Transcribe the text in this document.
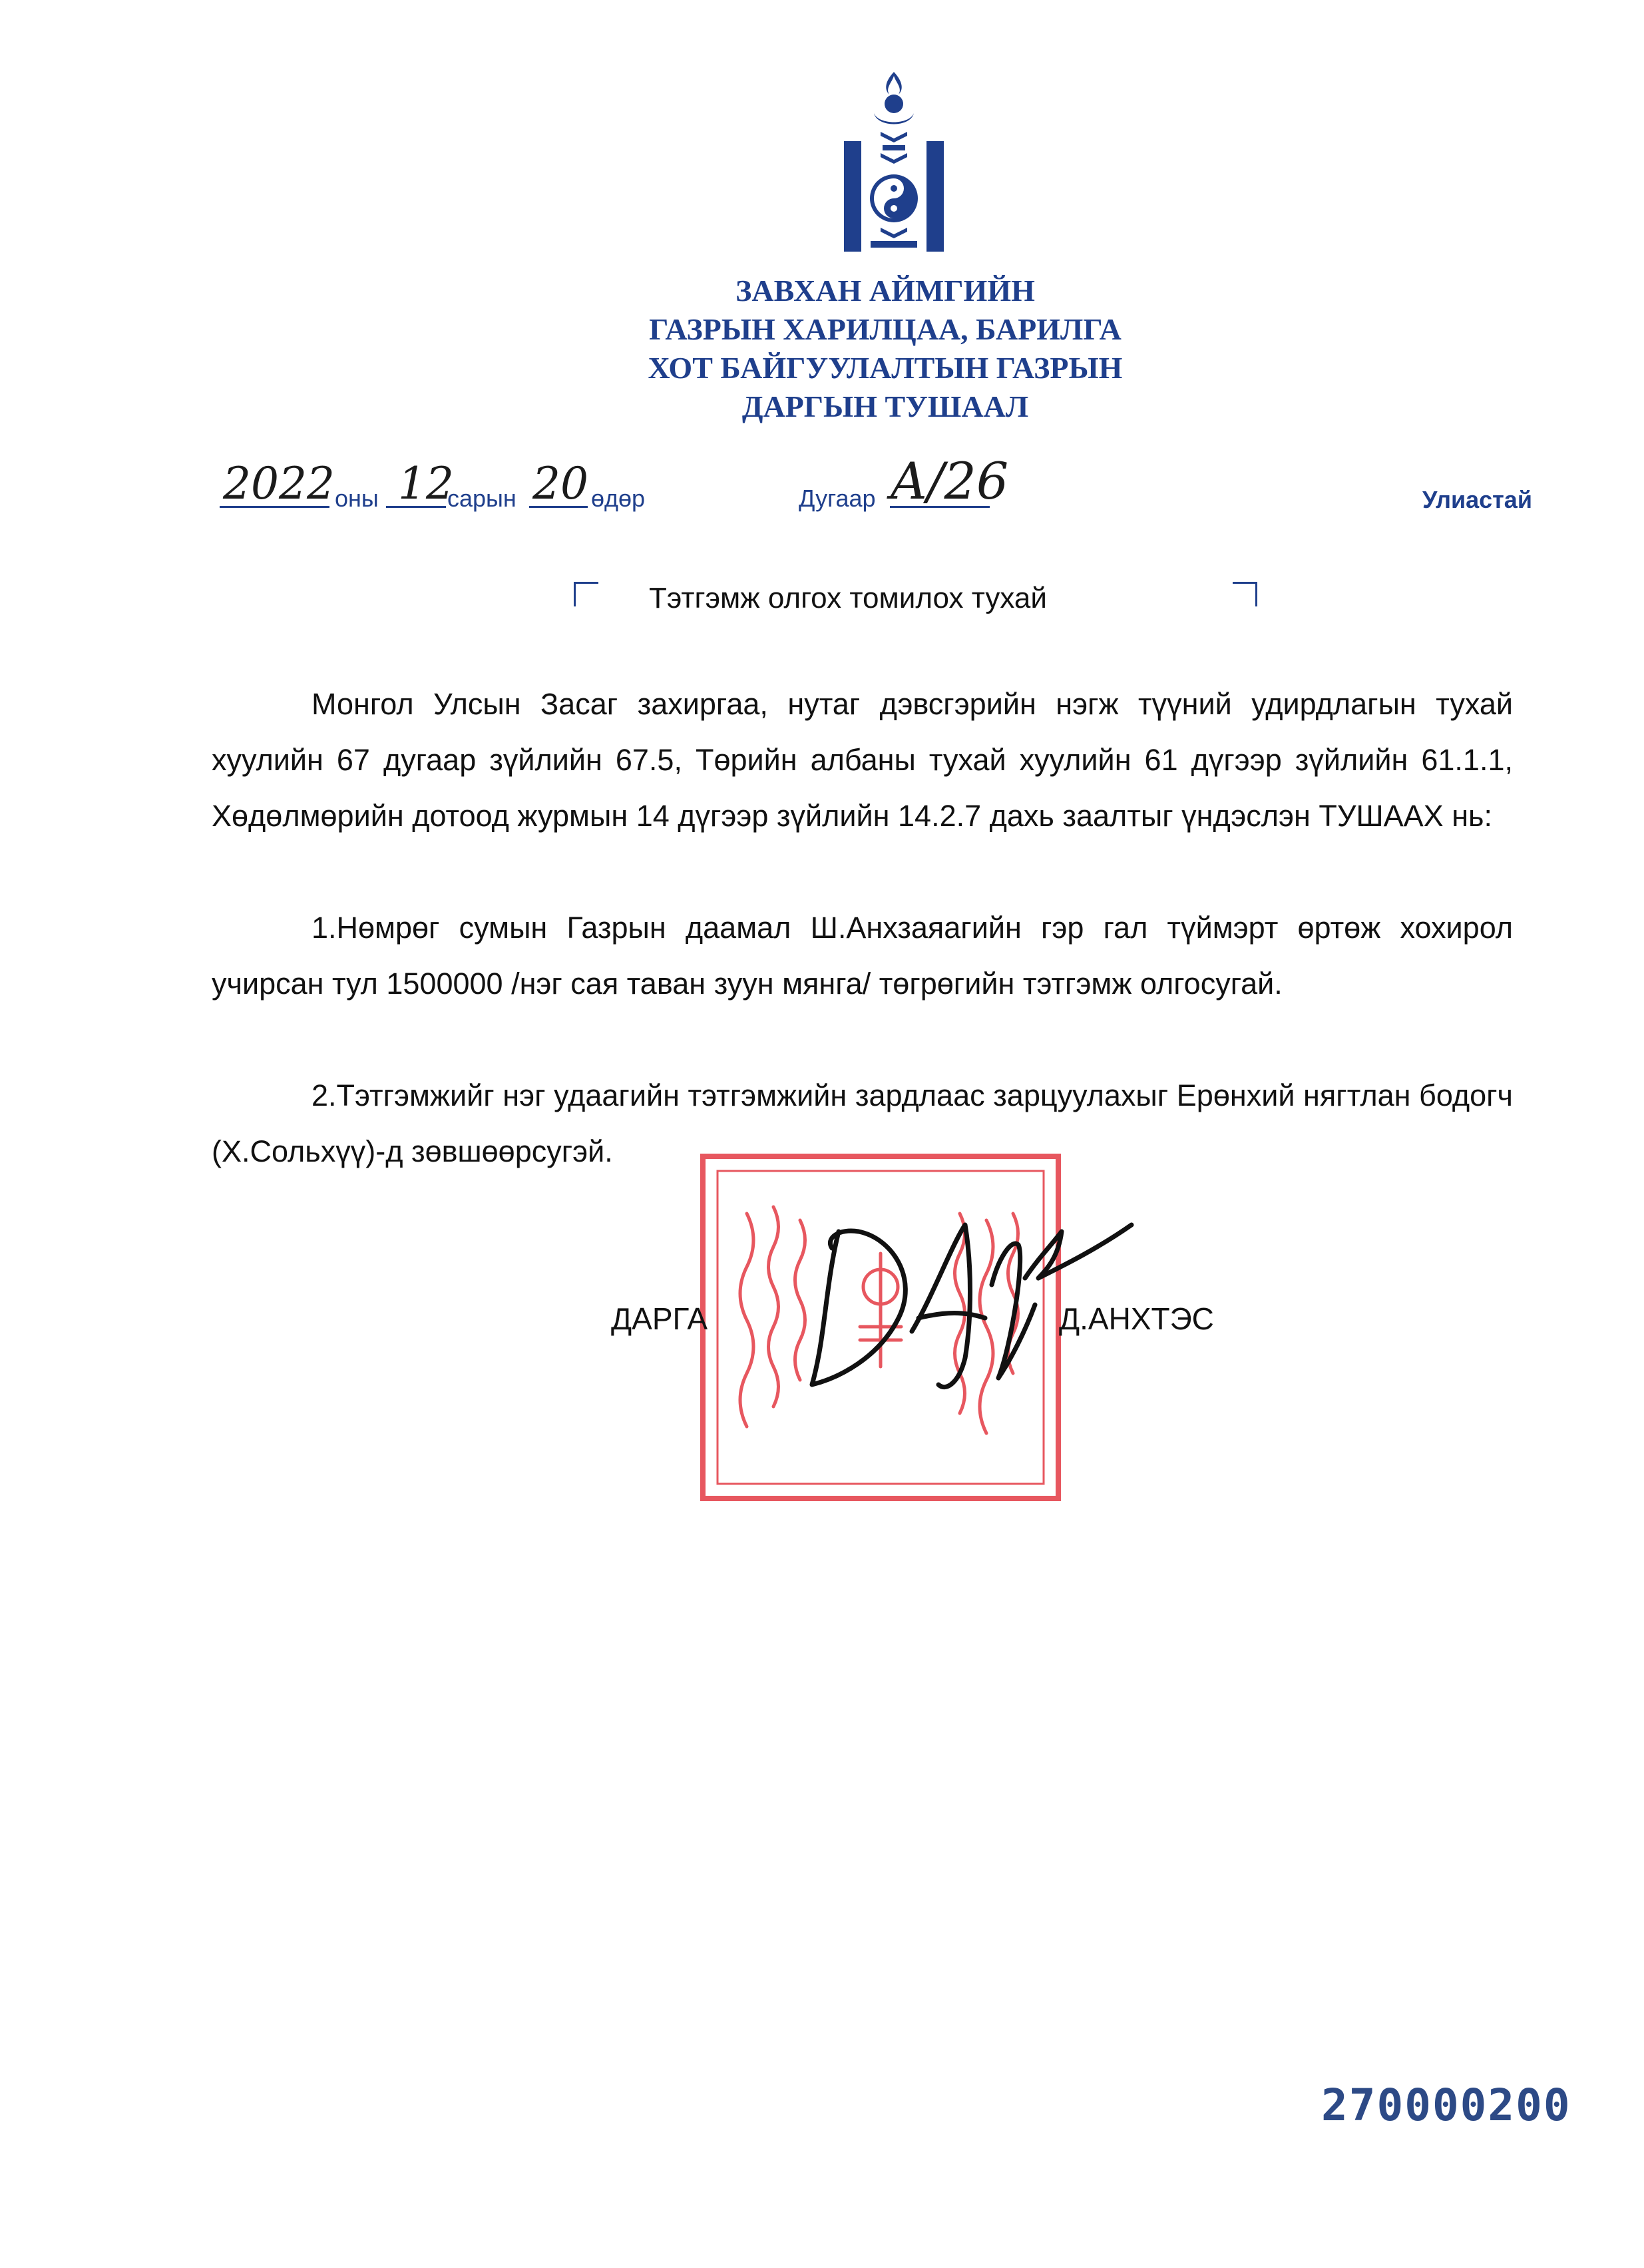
ЗАВХАН АЙМГИЙН
ГАЗРЫН ХАРИЛЦАА, БАРИЛГА
ХОТ БАЙГУУЛАЛТЫН ГАЗРЫН
ДАРГЫН ТУШААЛ
2022 оны 12
сарын 20 өдөр	Дугаар A/26	Улиастай
Тэтгэмж олгох томилох тухай
Монгол Улсын Засаг захиргаа, нутаг дэвсгэрийн нэгж түүний удирдлагын тухай хуулийн 67 дугаар зүйлийн 67.5, Төрийн албаны тухай хуулийн 61 дүгээр зүйлийн 61.1.1, Хөдөлмөрийн дотоод журмын 14 дүгээр зүйлийн 14.2.7 дахь заалтыг үндэслэн ТУШААХ нь:
1.Нөмрөг сумын Газрын даамал Ш.Анхзаяагийн гэр гал түймэрт өртөж хохирол учирсан тул 1500000 /нэг сая таван зуун мянга/ төгрөгийн тэтгэмж олгосугай.
2.Тэтгэмжийг нэг удаагийн тэтгэмжийн зардлаас зарцуулахыг Ерөнхий нягтлан бодогч (Х.Сольхүү)-д зөвшөөрсугэй.
ДАРГА	Д.АНХТЭС
270000200
